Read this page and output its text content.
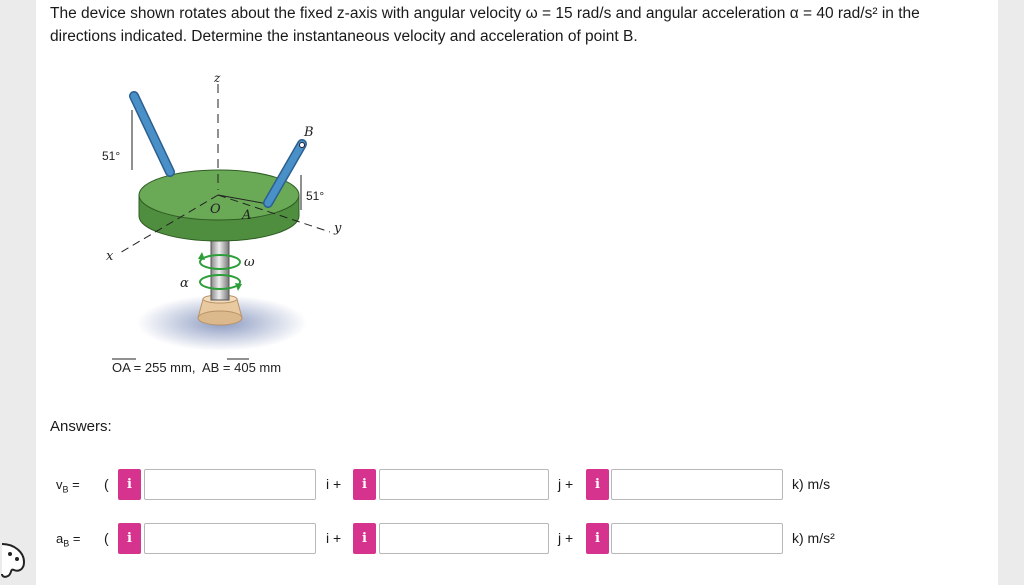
The device shown rotates about the fixed z-axis with angular velocity ω = 15 rad/s and angular acceleration α = 40 rad/s² in the
directions indicated. Determine the instantaneous velocity and acceleration of point B.

z
B
51°
51°
O A
y
x	ω
α
OA = 255 mm,  AB = 405 mm
Answers:
$v_B$ = (	i	i +	i	j +	i	k) m/s
$a_B$ = (	i	i +	i	j +	i	k) m/s²
